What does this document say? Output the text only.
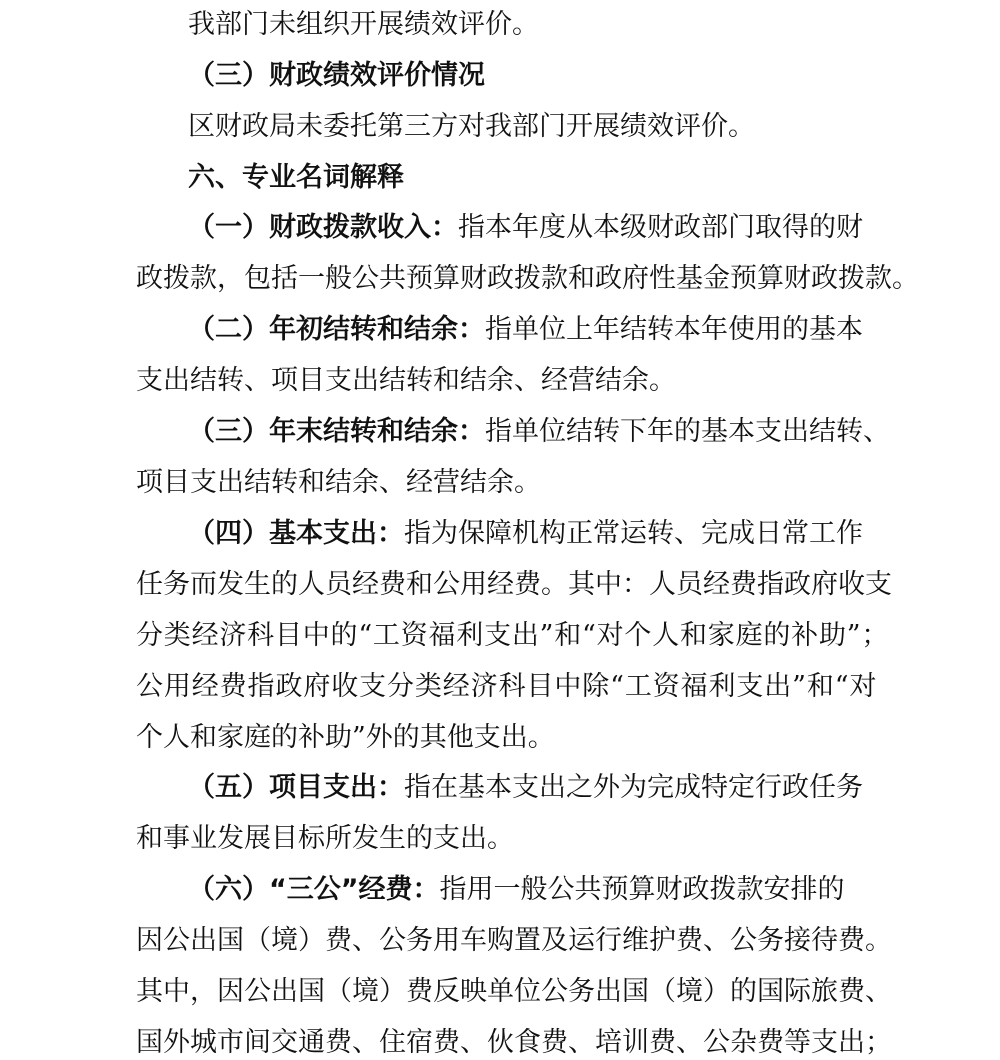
我部门未组织开展绩效评价。
（三）财政绩效评价情况
区财政局未委托第三方对我部门开展绩效评价。
六、专业名词解释
（一）财政拨款收入：指本年度从本级财政部门取得的财
政拨款，包括一般公共预算财政拨款和政府性基金预算财政拨款。
（二）年初结转和结余：指单位上年结转本年使用的基本
支出结转、项目支出结转和结余、经营结余。
（三）年末结转和结余：指单位结转下年的基本支出结转、
项目支出结转和结余、经营结余。
（四）基本支出：指为保障机构正常运转、完成日常工作
任务而发生的人员经费和公用经费。其中：人员经费指政府收支
分类经济科目中的“工资福利支出”和“对个人和家庭的补助”；
公用经费指政府收支分类经济科目中除“工资福利支出”和“对
个人和家庭的补助”外的其他支出。
（五）项目支出：指在基本支出之外为完成特定行政任务
和事业发展目标所发生的支出。
（六）“三公”经费：指用一般公共预算财政拨款安排的
因公出国（境）费、公务用车购置及运行维护费、公务接待费。
其中，因公出国（境）费反映单位公务出国（境）的国际旅费、
国外城市间交通费、住宿费、伙食费、培训费、公杂费等支出；
